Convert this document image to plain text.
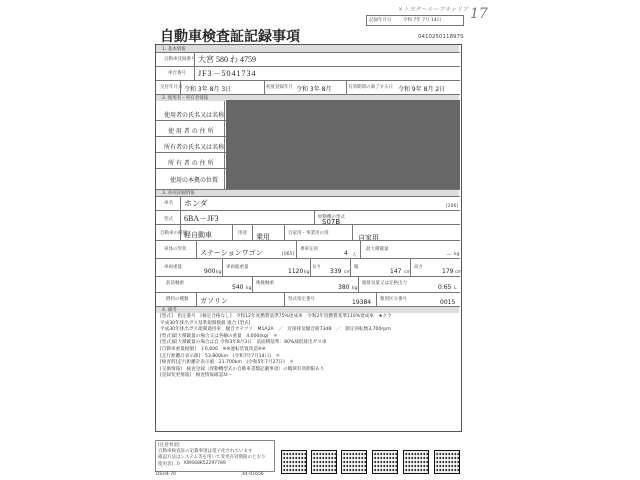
記録年月日	令和 7年 7月 14日
×トヨタ～ルーフキャリア 17
自動車検査証記録事項	041025011897S
1. 基本情報
自動車登録番号 大宮 580 わ 4759
車台番号 JF3－5041734
交付年月日 令和 3年 8月 3日	初度登録年月 令和 3年 8月	有効期間の満了する日 令和 9年 8月 2日
2. 使用者・所有者情報
使用者の氏名又は名称
使 用 者 の 住 所
所有者の氏名又は名称
所 有 者 の 住 所
使用の本拠の位置
3. 車両詳細情報
車名 ホンダ	[206]
型式 6BA－JF3	原動機の型式
S07B
自動車の種別
軽自動車	用途 乗用	自家用・事業用の別
自家用
車体の形状 ステーションワゴン	[065]
乗車定員
4 人
最大積載量
－ kg
車両重量
900 kg
車両総重量
1120 kg
長さ
339 cm
幅
147 cm
高さ
179 cm
前前軸重
540 kg
後後軸重
380 kg
総排気量又は定格出力
0.65 L
燃料の種類 ガソリン	型式指定番号	19384 類別区分番号	0015
4. 備考
[型式]　指定番号　[検定合格なし]　令和12年度燃費基準75%達成車　令和2年度燃費基準110%達成車　★クラ
平成30年排出ガス基準規制数値 適合 [型式]
平成30年排出ガス規制適用車　騒音カテゴリ：M1A2A　／　近接排気騒音値73dB　／　測定回転数3,700rpm
[型式]最大積載量の場合又は各軸の重量　4,000(kg)　＊
[型式]最大積載量の場合は自 令和3年8月3日　前面積基準：80%減低排出ガス車
[自動車重量税額]　￥6,600　※※運転装置改造※※
[走行距離計表示値]　53,800km　(令和7年7月14日)　＊
[検査時]走行距離計表示値　21,700km　(令和5年7月27日)　＊
[交換情報]　検査登録（原動機型式の自動車書類記載事項）の職域有効期限あり
[登録変更情報]　検査情報確認Ｍ～
[注意事項]
自動車検査証の記載事項は電子化されています
確認方法はシステム等を用いて変更有効期限のとおり
使用者
Ｉ.Ｄ KW668K52297789
DSH4-70	44-01656
